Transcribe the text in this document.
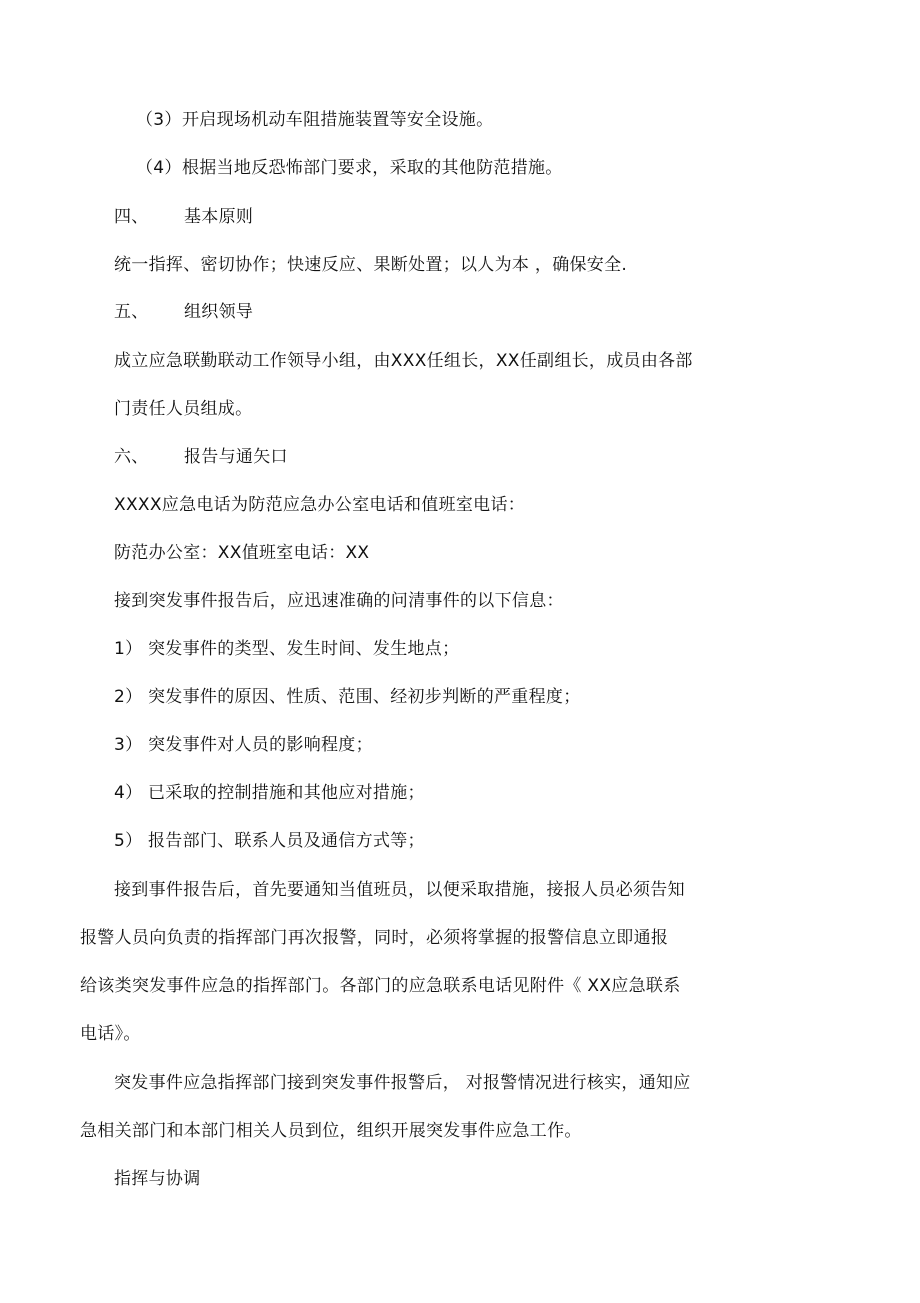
（3）开启现场机动车阻措施装置等安全设施。
（4）根据当地反恐怖部门要求，采取的其他防范措施。
四、 基本原则
统一指挥、密切协作；快速反应、果断处置；以人为本 ，确保安全.
五、 组织领导
成立应急联勤联动工作领导小组，由XXX任组长，XX任副组长，成员由各部
门责任人员组成。
六、 报告与通矢口
XXXX应急电话为防范应急办公室电话和值班室电话：
防范办公室：XX值班室电话：XX
接到突发事件报告后，应迅速准确的问清事件的以下信息：
1） 突发事件的类型、发生时间、发生地点；
2） 突发事件的原因、性质、范围、经初步判断的严重程度；
3） 突发事件对人员的影响程度；
4） 已采取的控制措施和其他应对措施；
5） 报告部门、联系人员及通信方式等；
接到事件报告后，首先要通知当值班员，以便采取措施，接报人员必须告知
报警人员向负责的指挥部门再次报警，同时，必须将掌握的报警信息立即通报
给该类突发事件应急的指挥部门。各部门的应急联系电话见附件《 XX应急联系
电话》。
突发事件应急指挥部门接到突发事件报警后， 对报警情况进行核实，通知应
急相关部门和本部门相关人员到位，组织开展突发事件应急工作。
指挥与协调
